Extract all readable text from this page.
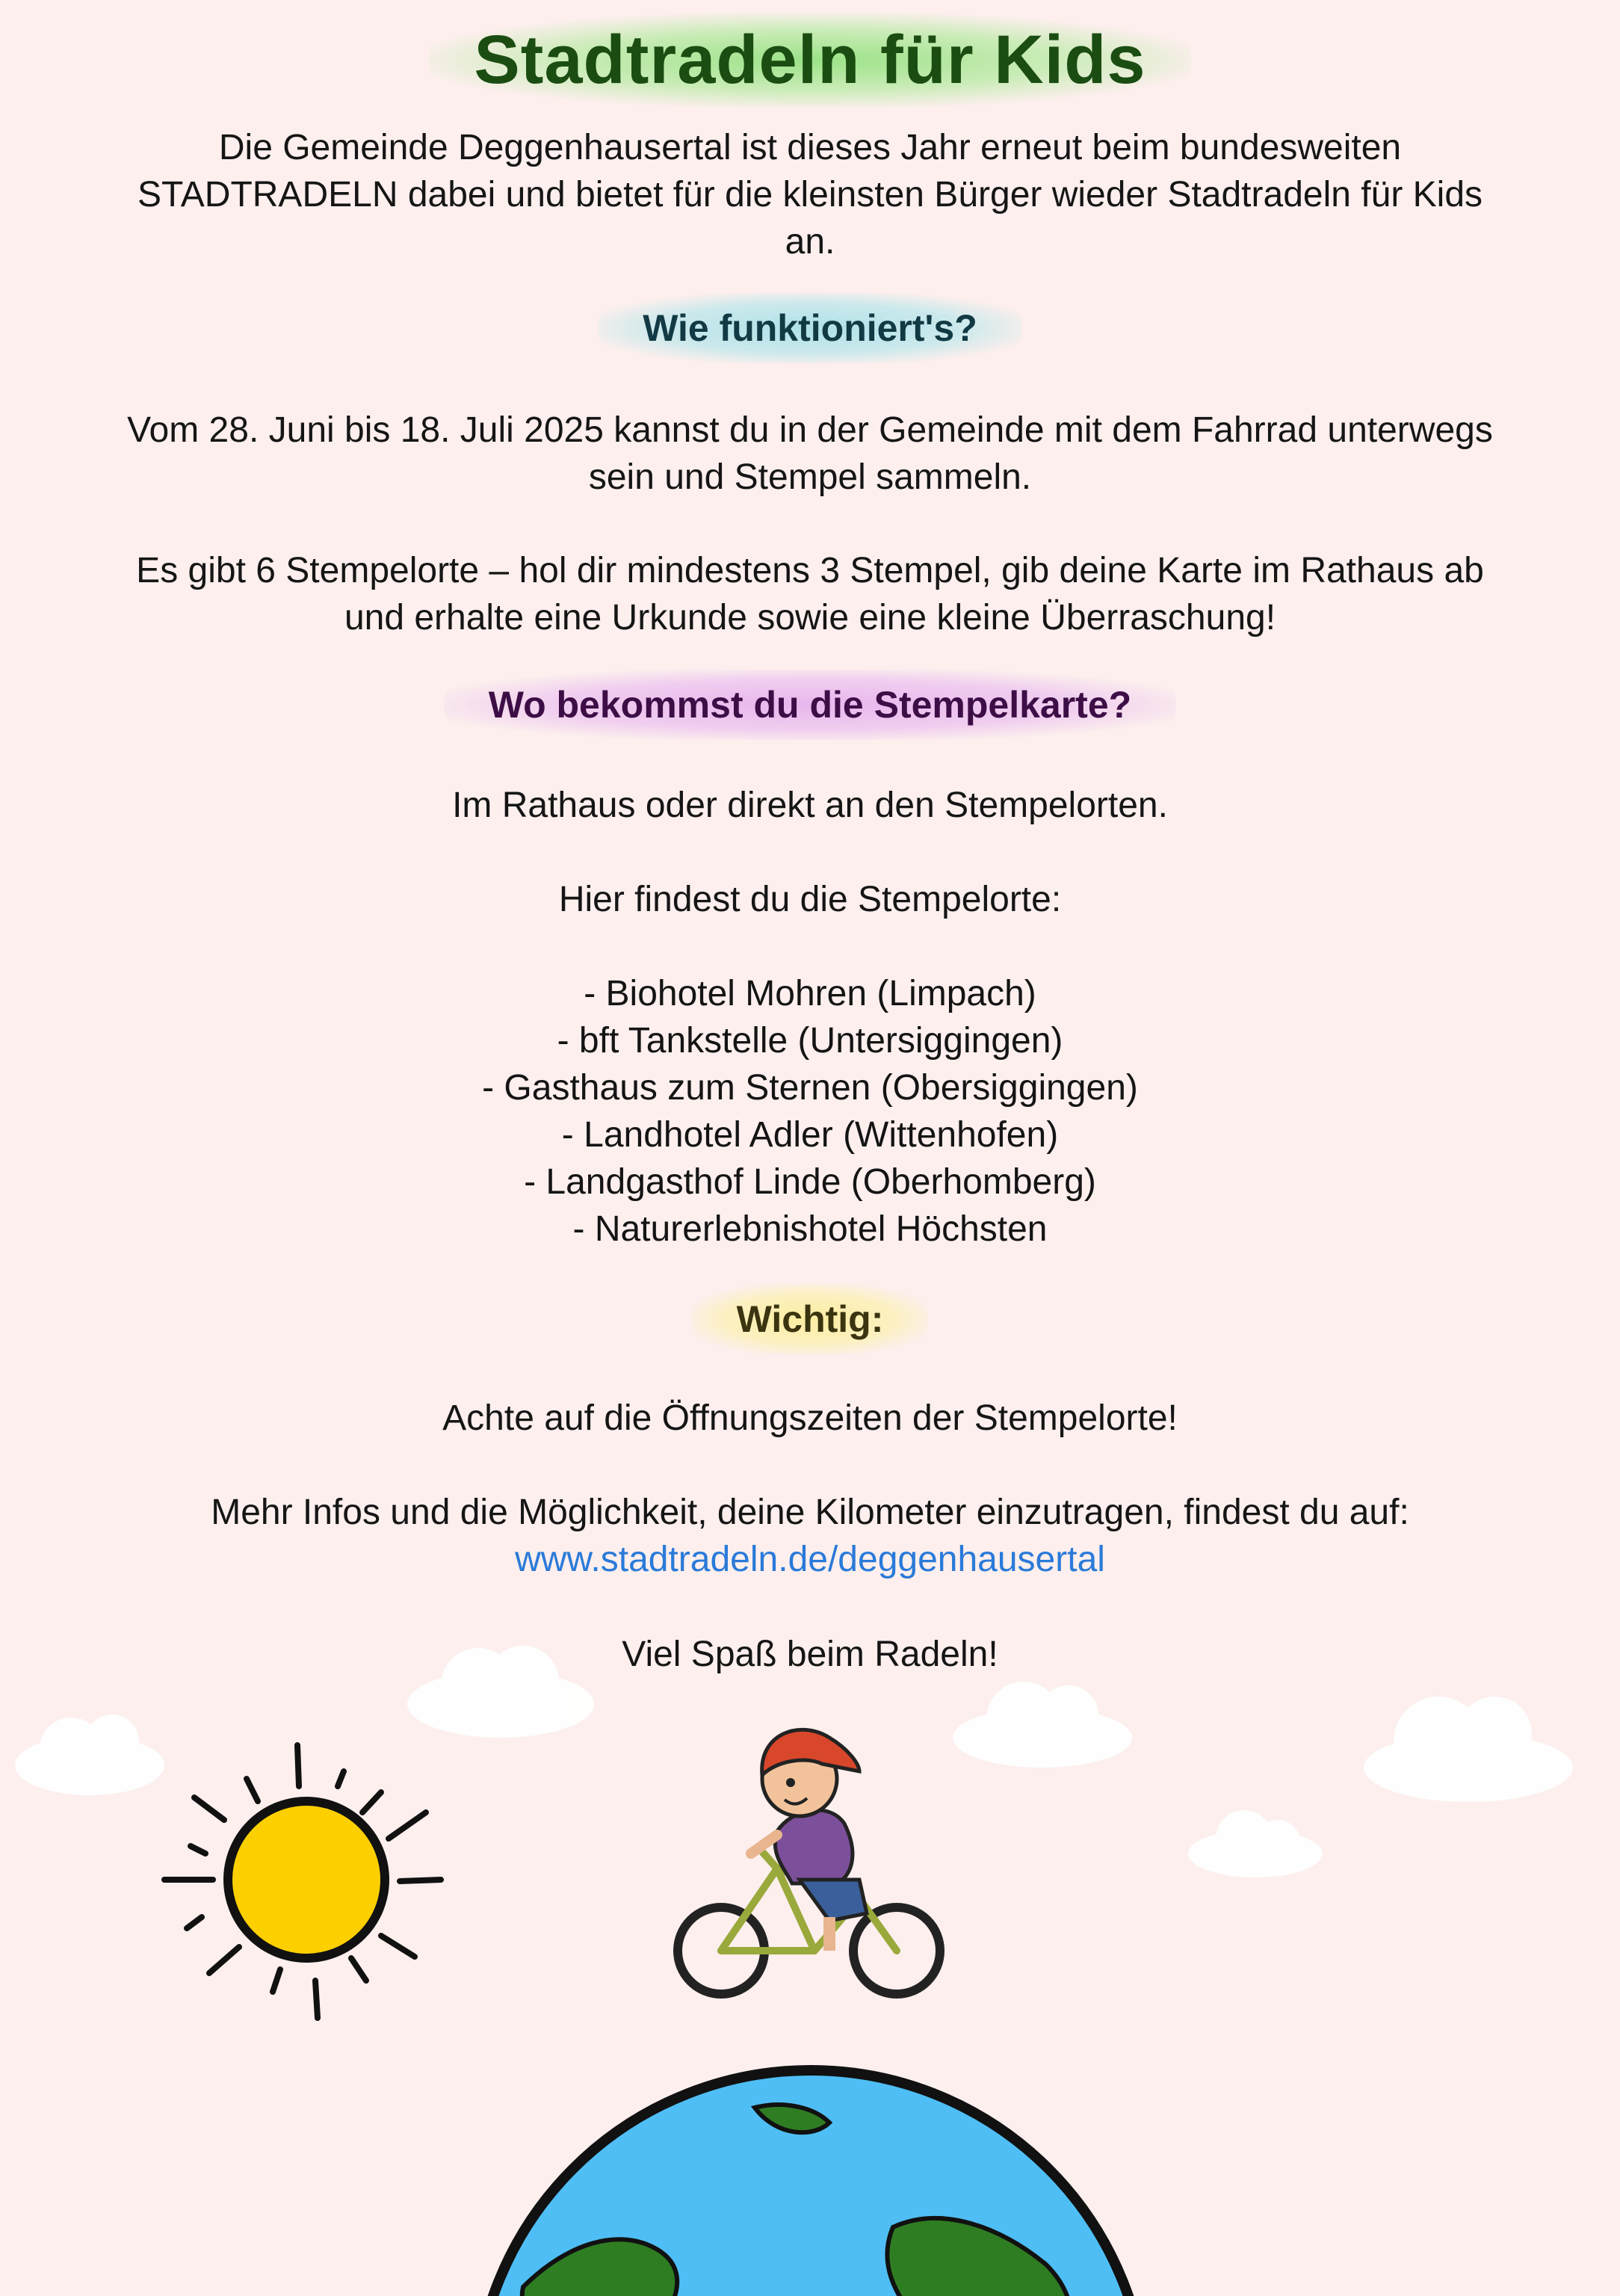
Stadtradeln für Kids
Die Gemeinde Deggenhausertal ist dieses Jahr erneut beim bundesweiten
STADTRADELN dabei und bietet für die kleinsten Bürger wieder Stadtradeln für Kids
an.
Wie funktioniert's?
Vom 28. Juni bis 18. Juli 2025 kannst du in der Gemeinde mit dem Fahrrad unterwegs
sein und Stempel sammeln.
Es gibt 6 Stempelorte – hol dir mindestens 3 Stempel, gib deine Karte im Rathaus ab
und erhalte eine Urkunde sowie eine kleine Überraschung!
Wo bekommst du die Stempelkarte?
Im Rathaus oder direkt an den Stempelorten.
Hier findest du die Stempelorte:
- Biohotel Mohren (Limpach)
- bft Tankstelle (Untersiggingen)
- Gasthaus zum Sternen (Obersiggingen)
- Landhotel Adler (Wittenhofen)
- Landgasthof Linde (Oberhomberg)
- Naturerlebnishotel Höchsten
Wichtig:
Achte auf die Öffnungszeiten der Stempelorte!
Mehr Infos und die Möglichkeit, deine Kilometer einzutragen, findest du auf:
www.stadtradeln.de/deggenhausertal
Viel Spaß beim Radeln!
